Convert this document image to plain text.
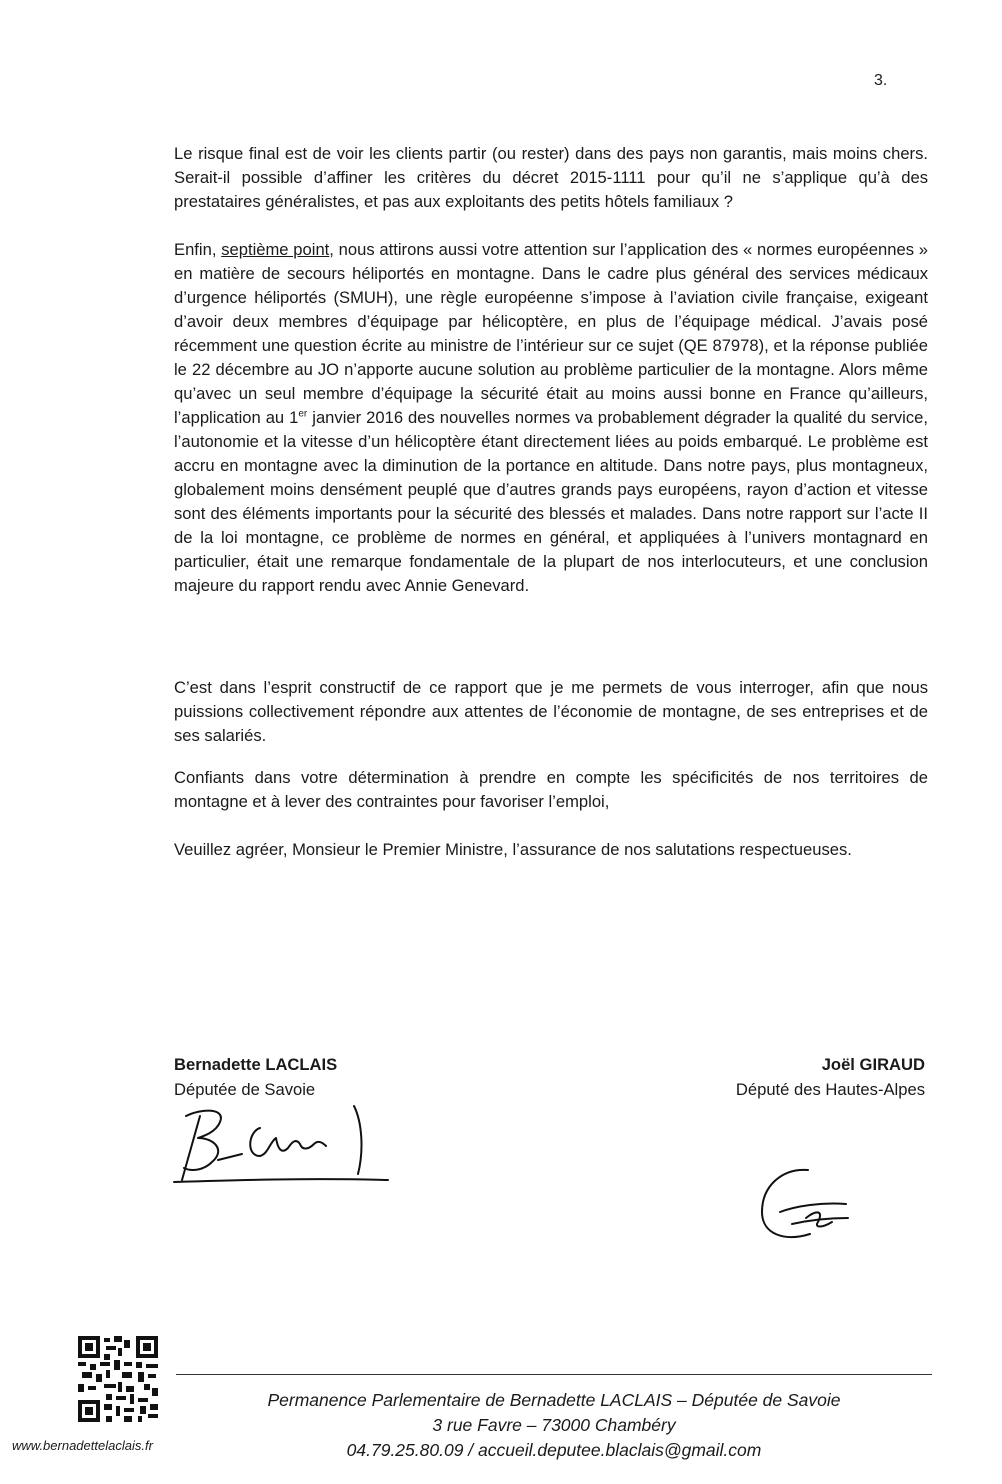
3.

Le risque final est de voir les clients partir (ou rester) dans des pays non garantis, mais moins chers. Serait-il possible d’affiner les critères du décret 2015-1111 pour qu’il ne s’applique qu’à des prestataires généralistes, et pas aux exploitants des petits hôtels familiaux ?

Enfin, septième point, nous attirons aussi votre attention sur l’application des « normes européennes » en matière de secours héliportés en montagne. Dans le cadre plus général des services médicaux d’urgence héliportés (SMUH), une règle européenne s’impose à l’aviation civile française, exigeant d’avoir deux membres d’équipage par hélicoptère, en plus de l’équipage médical. J’avais posé récemment une question écrite au ministre de l’intérieur sur ce sujet (QE 87978), et la réponse publiée le 22 décembre au JO n’apporte aucune solution au problème particulier de la montagne. Alors même qu’avec un seul membre d’équipage la sécurité était au moins aussi bonne en France qu’ailleurs, l’application au 1er janvier 2016 des nouvelles normes va probablement dégrader la qualité du service, l’autonomie et la vitesse d’un hélicoptère étant directement liées au poids embarqué. Le problème est accru en montagne avec la diminution de la portance en altitude. Dans notre pays, plus montagneux, globalement moins densément peuplé que d’autres grands pays européens, rayon d’action et vitesse sont des éléments importants pour la sécurité des blessés et malades. Dans notre rapport sur l’acte II de la loi montagne, ce problème de normes en général, et appliquées à l’univers montagnard en particulier, était une remarque fondamentale de la plupart de nos interlocuteurs, et une conclusion majeure du rapport rendu avec Annie Genevard.

C’est dans l’esprit constructif de ce rapport que je me permets de vous interroger, afin que nous puissions collectivement répondre aux attentes de l’économie de montagne, de ses entreprises et de ses salariés.

Confiants dans votre détermination à prendre en compte les spécificités de nos territoires de montagne et à lever des contraintes pour favoriser l’emploi,

Veuillez agréer, Monsieur le Premier Ministre, l’assurance de nos salutations respectueuses.

Bernadette LACLAIS
Députée de Savoie
Joël GIRAUD
Député des Hautes-Alpes
www.bernadettelaclais.fr
Permanence Parlementaire de Bernadette LACLAIS – Députée de Savoie
3 rue Favre – 73000 Chambéry
04.79.25.80.09 / accueil.deputee.blaclais@gmail.com
